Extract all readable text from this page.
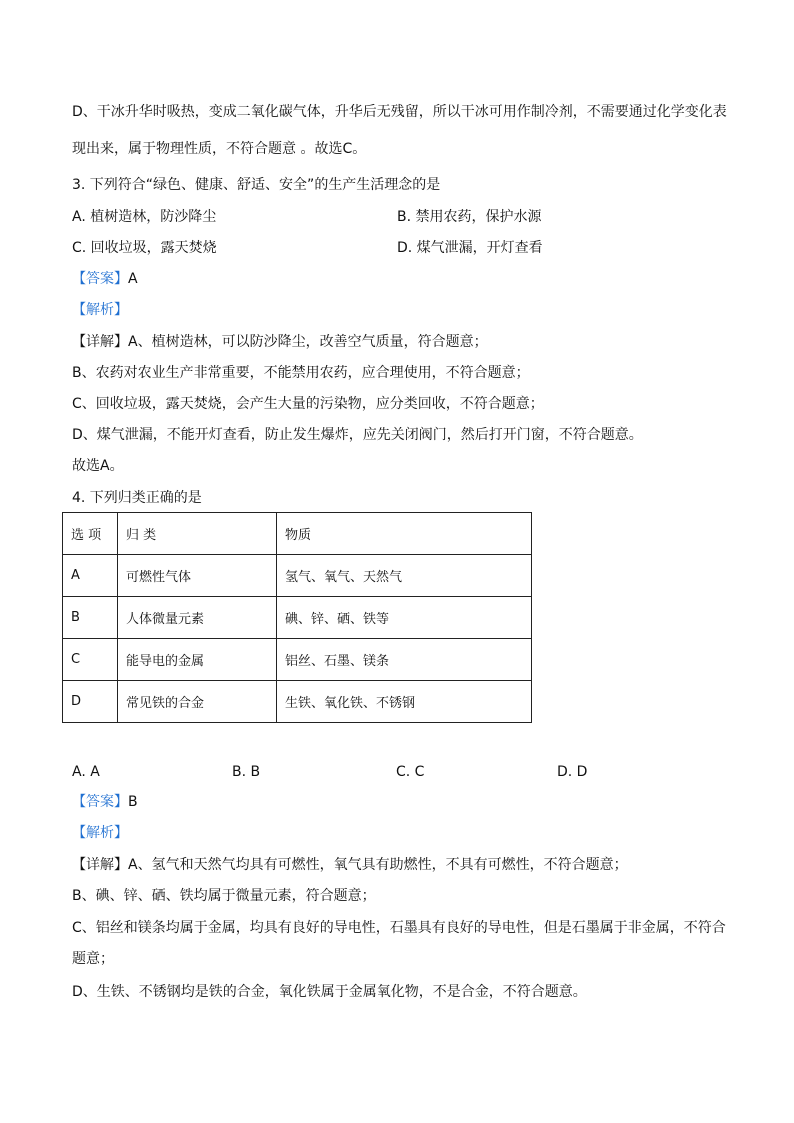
D、干冰升华时吸热，变成二氧化碳气体，升华后无残留，所以干冰可用作制冷剂，不需要通过化学变化表
现出来，属于物理性质，不符合题意 。故选C。
3. 下列符合“绿色、健康、舒适、安全”的生产生活理念的是
A. 植树造林，防沙降尘	B. 禁用农药，保护水源
C. 回收垃圾，露天焚烧	D. 煤气泄漏，开灯查看
【答案】A
【解析】
【详解】A、植树造林，可以防沙降尘，改善空气质量，符合题意；
B、农药对农业生产非常重要，不能禁用农药，应合理使用，不符合题意；
C、回收垃圾，露天焚烧，会产生大量的污染物，应分类回收，不符合题意；
D、煤气泄漏，不能开灯查看，防止发生爆炸，应先关闭阀门，然后打开门窗，不符合题意。
故选A。
4. 下列归类正确的是
选 项	归 类	物质
A	可燃性气体	氢气、氧气、天然气
B	人体微量元素	碘、锌、硒、铁等
C	能导电的金属	铝丝、石墨、镁条
D	常见铁的合金	生铁、氧化铁、不锈钢
A. A	B. B	C. C	D. D
【答案】B
【解析】
【详解】A、氢气和天然气均具有可燃性，氧气具有助燃性，不具有可燃性，不符合题意；
B、碘、锌、硒、铁均属于微量元素，符合题意；
C、铝丝和镁条均属于金属，均具有良好的导电性，石墨具有良好的导电性，但是石墨属于非金属，不符合
题意；
D、生铁、不锈钢均是铁的合金，氧化铁属于金属氧化物，不是合金，不符合题意。
